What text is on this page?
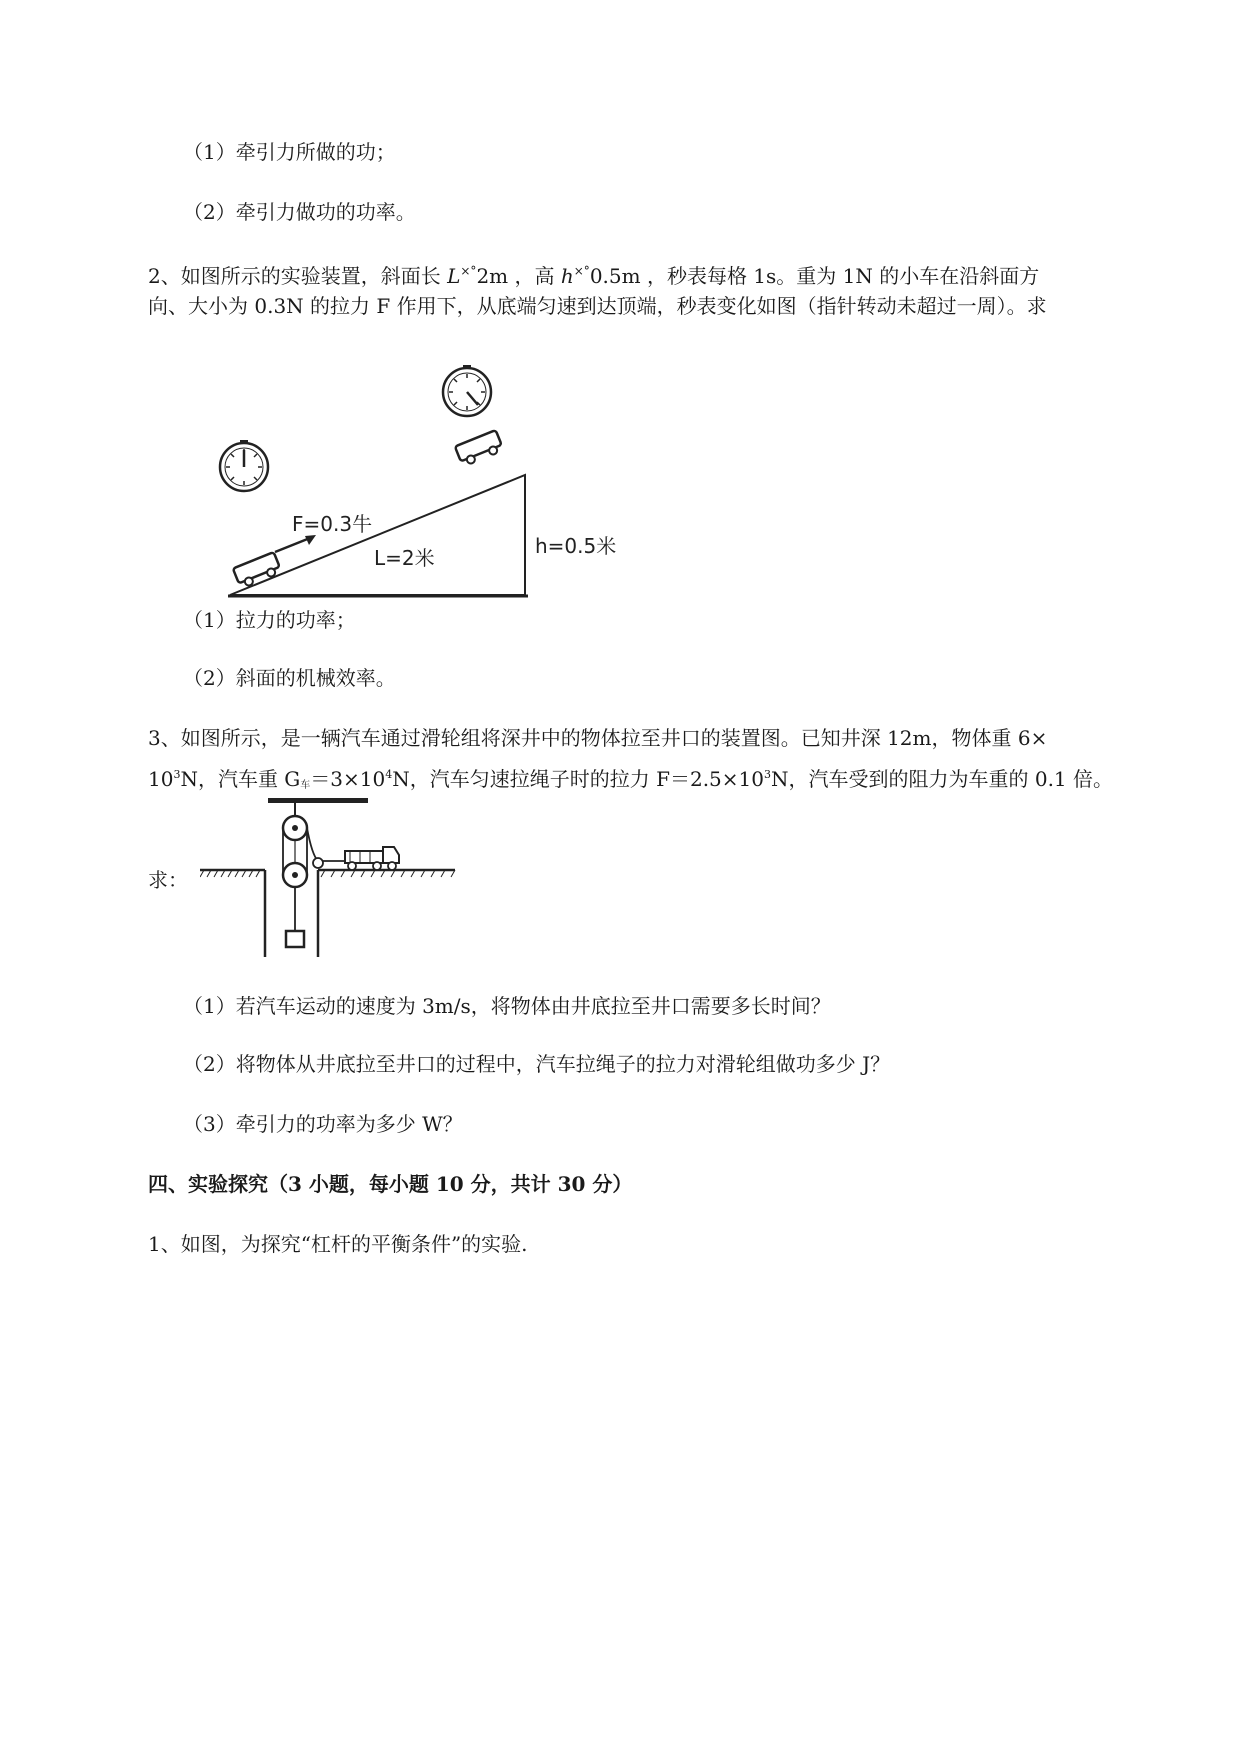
（1）牵引力所做的功；
（2）牵引力做功的功率。
2、如图所示的实验装置，斜面长 L×°2m ，高 h×°0.5m ，秒表每格 1s。重为 1N 的小车在沿斜面方
向、大小为 0.3N 的拉力 F 作用下，从底端匀速到达顶端，秒表变化如图（指针转动未超过一周）。求
F=0.3牛
L=2米	h=0.5米
（1）拉力的功率；
（2）斜面的机械效率。
3、如图所示，是一辆汽车通过滑轮组将深井中的物体拉至井口的装置图。已知井深 12m，物体重 6×
$10^3N$，汽车重 G车$=3\times 10^4N$，汽车匀速拉绳子时的拉力 $F=2.5\times 10^3N$，汽车受到的阻力为车重的 0.1 倍。
求：
（1）若汽车运动的速度为 3m/s，将物体由井底拉至井口需要多长时间？
（2）将物体从井底拉至井口的过程中，汽车拉绳子的拉力对滑轮组做功多少 J？
（3）牵引力的功率为多少 W？
四、实验探究（3 小题，每小题 10 分，共计 30 分）
1、如图，为探究“杠杆的平衡条件”的实验.
